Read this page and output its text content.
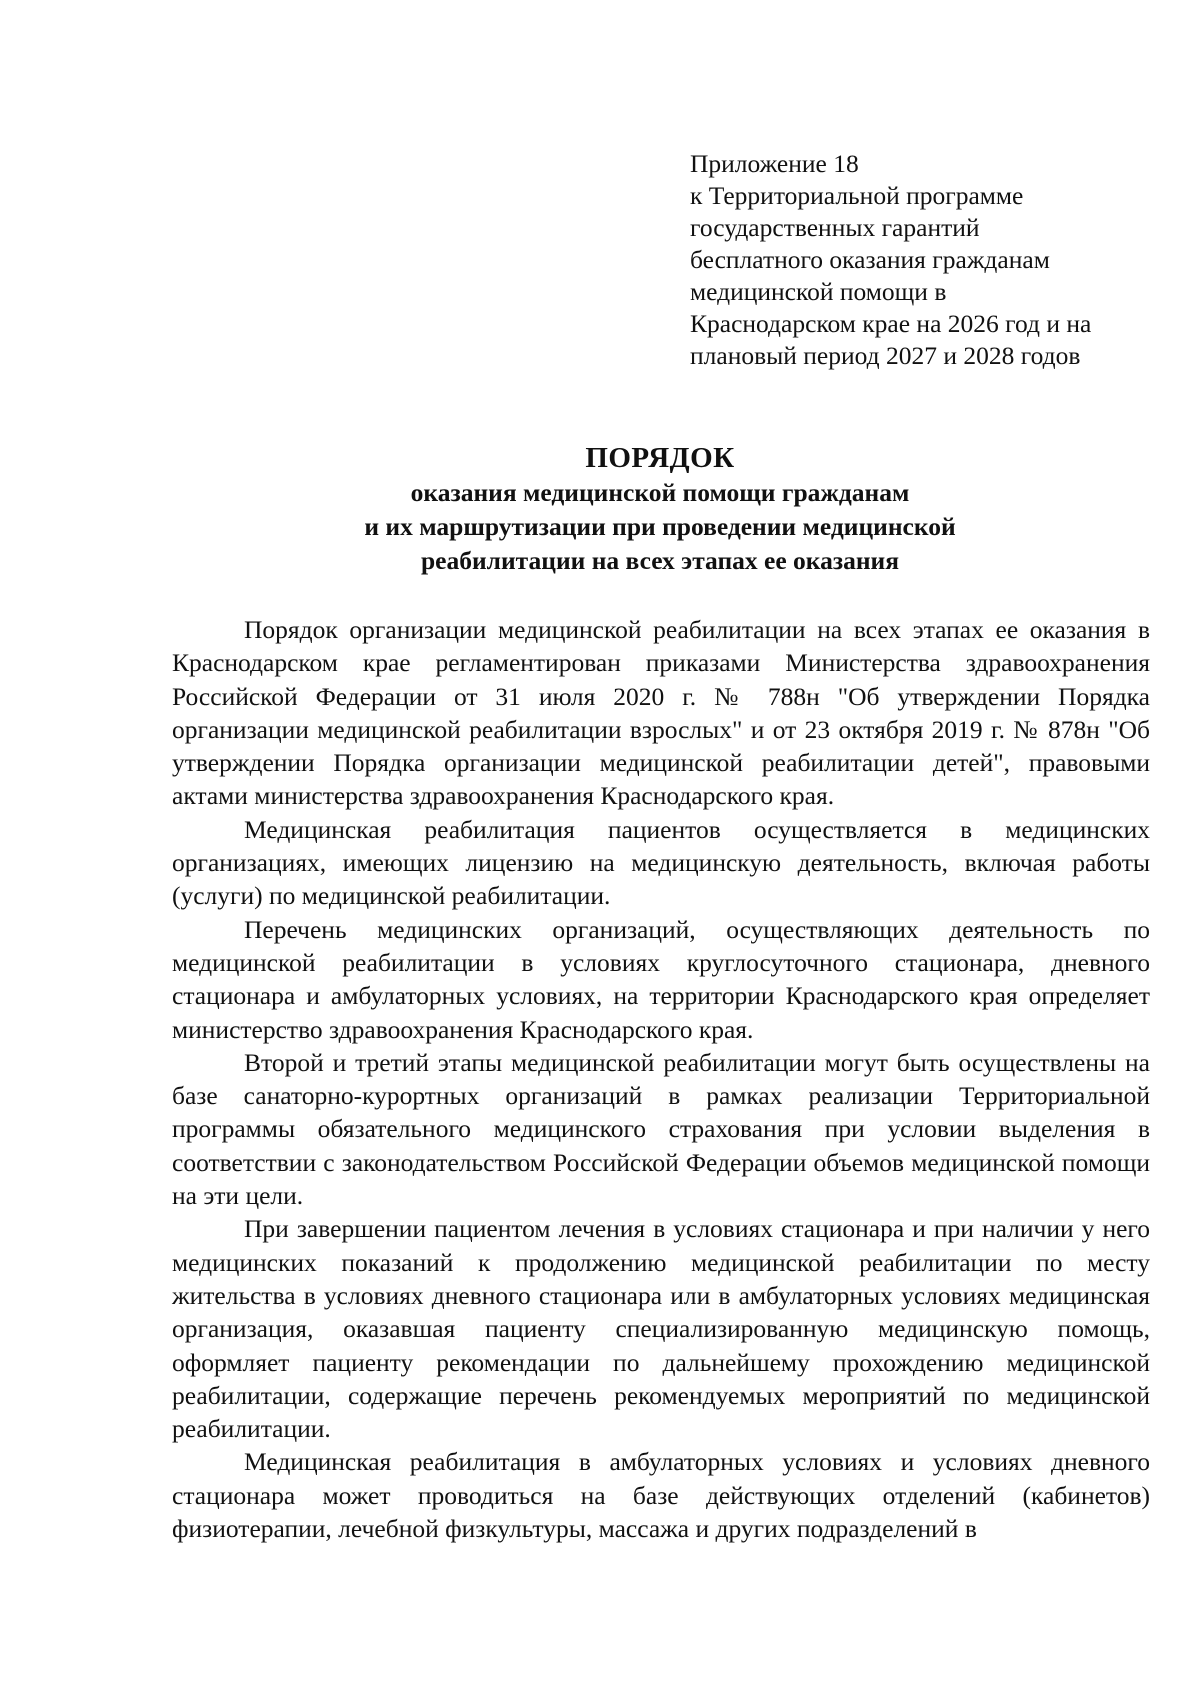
Приложение 18
к Территориальной программе
государственных гарантий
бесплатного оказания гражданам
медицинской помощи в
Краснодарском крае на 2026 год и на
плановый период 2027 и 2028 годов
ПОРЯДОК
оказания медицинской помощи гражданам
и их маршрутизации при проведении медицинской
реабилитации на всех этапах ее оказания

Порядок организации медицинской реабилитации на всех этапах ее оказания в Краснодарском крае регламентирован приказами Министерства здравоохранения Российской Федерации от 31 июля 2020 г. № 788н "Об утверждении Порядка организации медицинской реабилитации взрослых" и от 23 октября 2019 г. № 878н "Об утверждении Порядка организации медицинской реабилитации детей", правовыми актами министерства здравоохранения Краснодарского края.

Медицинская реабилитация пациентов осуществляется в медицинских организациях, имеющих лицензию на медицинскую деятельность, включая работы (услуги) по медицинской реабилитации.

Перечень медицинских организаций, осуществляющих деятельность по медицинской реабилитации в условиях круглосуточного стационара, дневного стационара и амбулаторных условиях, на территории Краснодарского края определяет министерство здравоохранения Краснодарского края.

Второй и третий этапы медицинской реабилитации могут быть осуществлены на базе санаторно-курортных организаций в рамках реализации Территориальной программы обязательного медицинского страхования при условии выделения в соответствии с законодательством Российской Федерации объемов медицинской помощи на эти цели.

При завершении пациентом лечения в условиях стационара и при наличии у него медицинских показаний к продолжению медицинской реабилитации по месту жительства в условиях дневного стационара или в амбулаторных условиях медицинская организация, оказавшая пациенту специализированную медицинскую помощь, оформляет пациенту рекомендации по дальнейшему прохождению медицинской реабилитации, содержащие перечень рекомендуемых мероприятий по медицинской реабилитации.

Медицинская реабилитация в амбулаторных условиях и условиях дневного стационара может проводиться на базе действующих отделений (кабинетов) физиотерапии, лечебной физкультуры, массажа и других подразделений в
